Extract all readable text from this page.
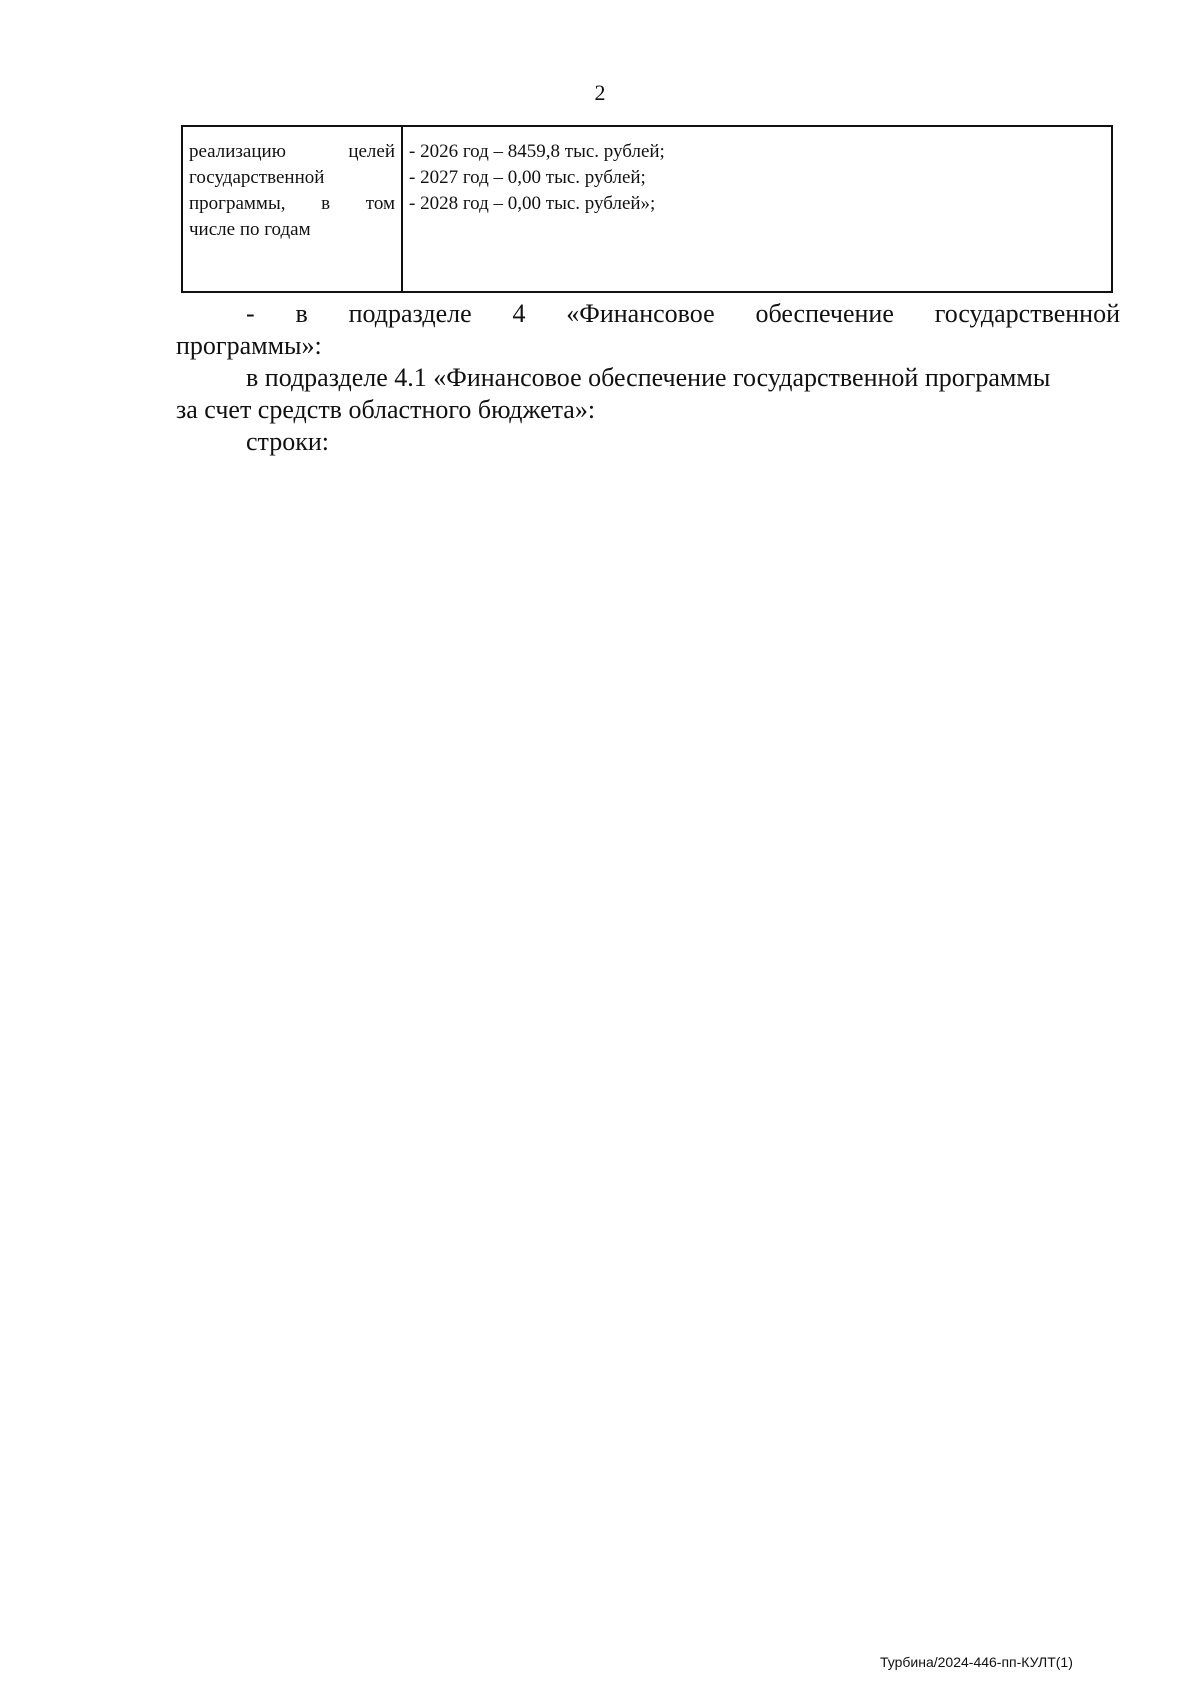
2
реализацию	целей
государственной
программы, в том
числе по годам
- 2026 год – 8459,8 тыс. рублей;
- 2027 год – 0,00 тыс. рублей;
- 2028 год – 0,00 тыс. рублей»;
- в подразделе 4 «Финансовое обеспечение государственной
программы»:
в подразделе 4.1 «Финансовое обеспечение государственной программы
за счет средств областного бюджета»:
строки:
Турбина/2024-446-пп-КУЛТ(1)
